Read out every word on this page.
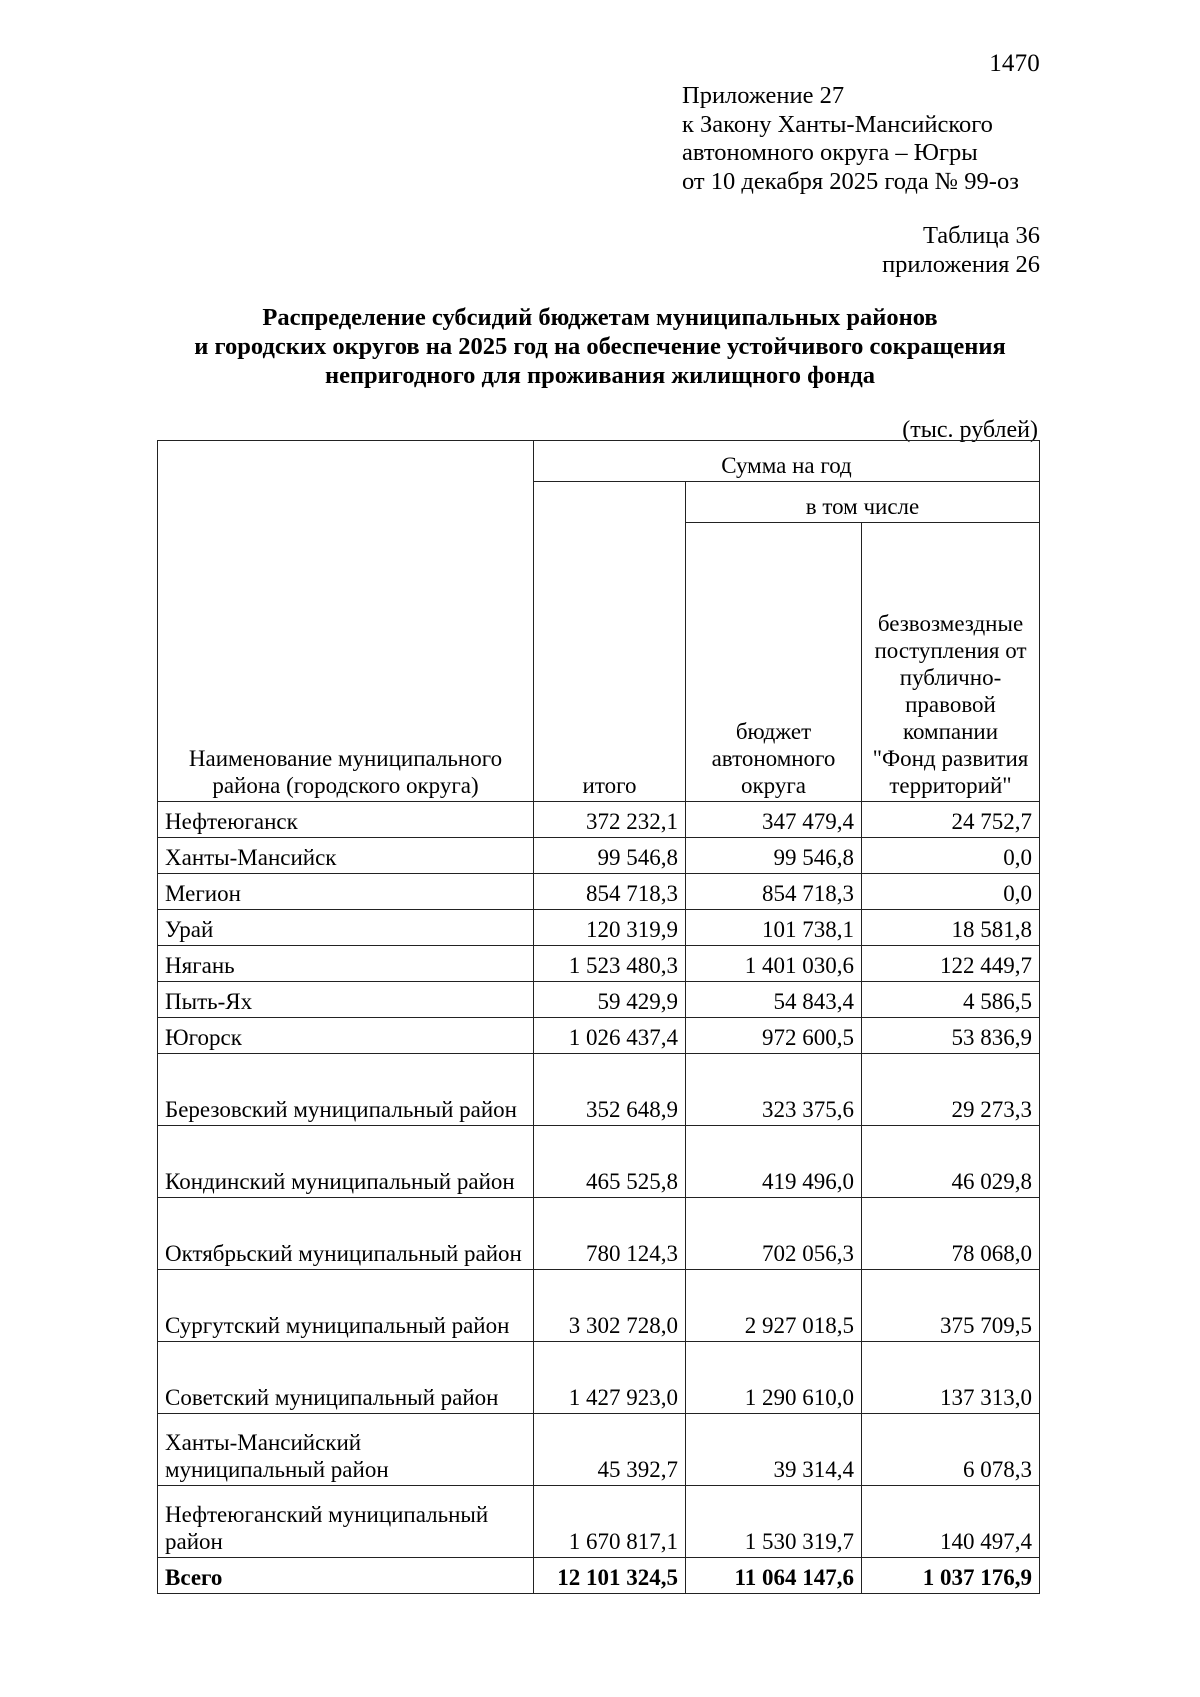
1470
Приложение 27
к Закону Ханты-Мансийского
автономного округа – Югры
от 10 декабря 2025 года № 99-оз
Таблица 36
приложения 26
Распределение субсидий бюджетам муниципальных районов
и городских округов на 2025 год на обеспечение устойчивого сокращения
непригодного для проживания жилищного фонда
(тыс. рублей)
Наименование муниципального района (городского округа)	Сумма на год		
	итого	в том числе	
		бюджет автономного округа	безвозмездные поступления от публично-правовой компании "Фонд развития территорий"
Нефтеюганск	372 232,1	347 479,4	24 752,7
Ханты-Мансийск	99 546,8	99 546,8	0,0
Мегион	854 718,3	854 718,3	0,0
Урай	120 319,9	101 738,1	18 581,8
Нягань	1 523 480,3	1 401 030,6	122 449,7
Пыть-Ях	59 429,9	54 843,4	4 586,5
Югорск	1 026 437,4	972 600,5	53 836,9
Березовский муниципальный район	352 648,9	323 375,6	29 273,3
Кондинский муниципальный район	465 525,8	419 496,0	46 029,8
Октябрьский муниципальный район	780 124,3	702 056,3	78 068,0
Сургутский муниципальный район	3 302 728,0	2 927 018,5	375 709,5
Советский муниципальный район	1 427 923,0	1 290 610,0	137 313,0
Ханты-Мансийский муниципальный район	45 392,7	39 314,4	6 078,3
Нефтеюганский муниципальный район	1 670 817,1	1 530 319,7	140 497,4
Всего	12 101 324,5	11 064 147,6	1 037 176,9
